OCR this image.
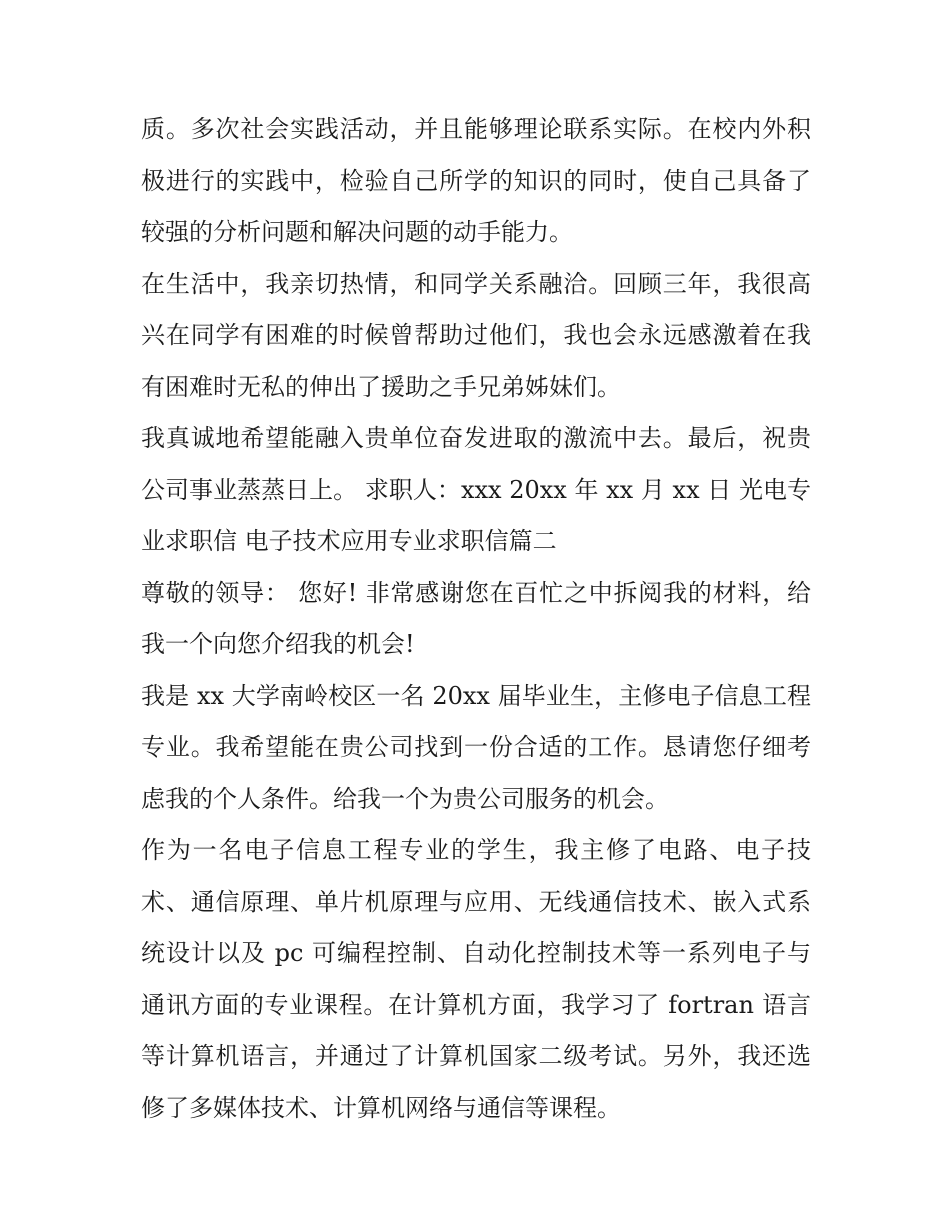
质。多次社会实践活动，并且能够理论联系实际。在校内外积
极进行的实践中，检验自己所学的知识的同时，使自己具备了
较强的分析问题和解决问题的动手能力。
在生活中，我亲切热情，和同学关系融洽。回顾三年，我很高
兴在同学有困难的时候曾帮助过他们，我也会永远感激着在我
有困难时无私的伸出了援助之手兄弟姊妹们。
我真诚地希望能融入贵单位奋发进取的激流中去。最后，祝贵
公司事业蒸蒸日上。 求职人：xxx 20xx 年 xx 月 xx 日 光电专
业求职信 电子技术应用专业求职信篇二
尊敬的领导： 您好! 非常感谢您在百忙之中拆阅我的材料，给
我一个向您介绍我的机会!
我是 xx 大学南岭校区一名 20xx 届毕业生，主修电子信息工程
专业。我希望能在贵公司找到一份合适的工作。恳请您仔细考
虑我的个人条件。给我一个为贵公司服务的机会。
作为一名电子信息工程专业的学生，我主修了电路、电子技
术、通信原理、单片机原理与应用、无线通信技术、嵌入式系
统设计以及 pc 可编程控制、自动化控制技术等一系列电子与
通讯方面的专业课程。在计算机方面，我学习了 fortran 语言
等计算机语言，并通过了计算机国家二级考试。另外，我还选
修了多媒体技术、计算机网络与通信等课程。
